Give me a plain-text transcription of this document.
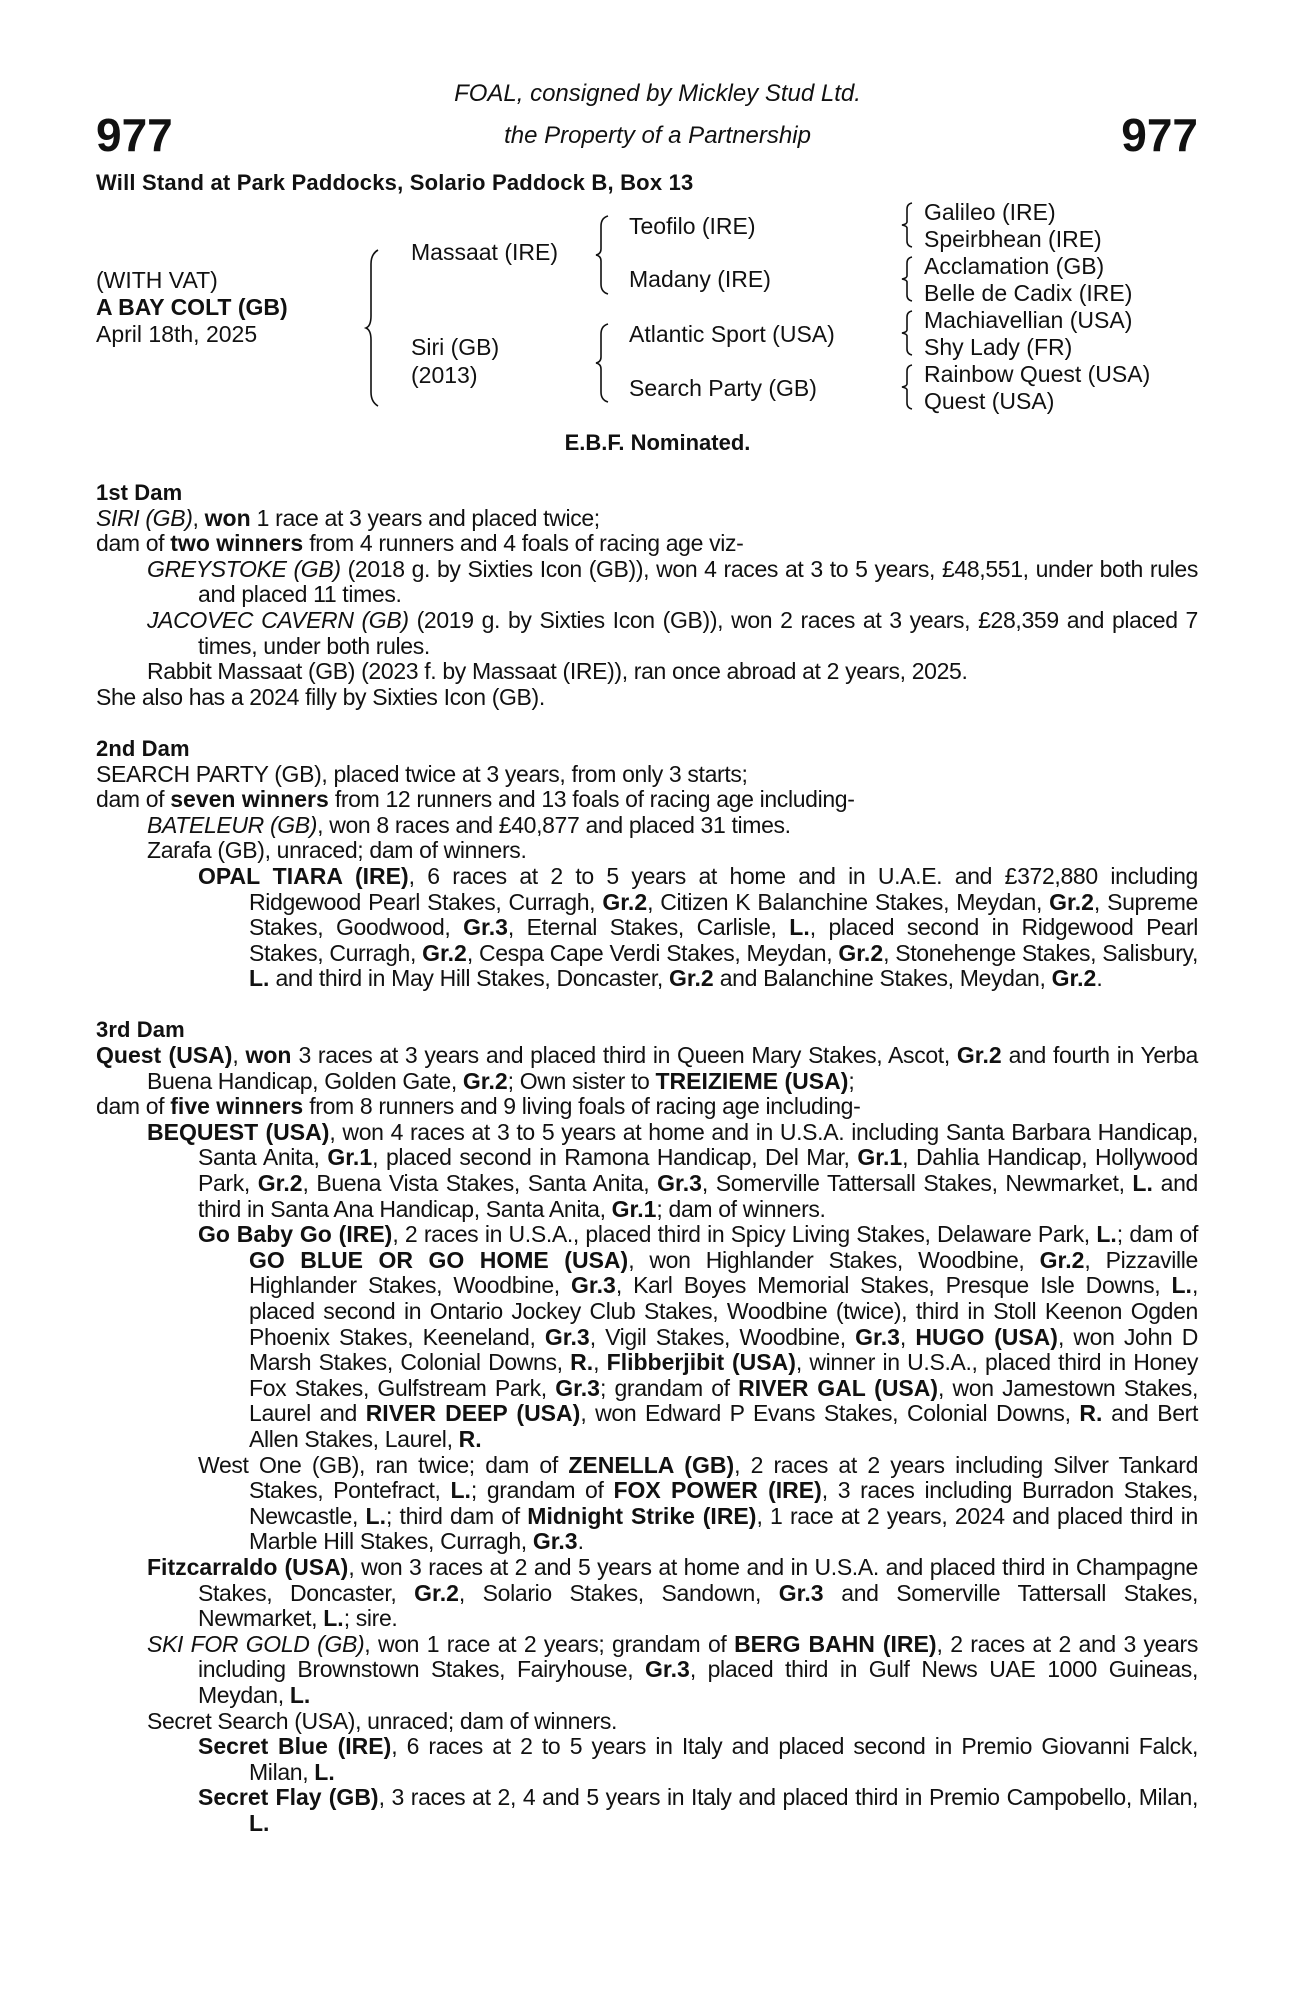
FOAL, consigned by Mickley Stud Ltd.
the Property of a Partnership
977	977
Will Stand at Park Paddocks, Solario Paddock B, Box 13
(WITH VAT)
A BAY COLT (GB)
April 18th, 2025
Massaat (IRE)
Siri (GB)
(2013)
Teofilo (IRE)
Madany (IRE)
Atlantic Sport (USA)
Search Party (GB)
Galileo (IRE)
Speirbhean (IRE)
Acclamation (GB)
Belle de Cadix (IRE)
Machiavellian (USA)
Shy Lady (FR)
Rainbow Quest (USA)
Quest (USA)
E.B.F. Nominated.
1st Dam
SIRI (GB), won 1 race at 3 years and placed twice;
dam of two winners from 4 runners and 4 foals of racing age viz-
GREYSTOKE (GB) (2018 g. by Sixties Icon (GB)), won 4 races at 3 to 5 years, £48,551, under both rules and placed 11 times.
JACOVEC CAVERN (GB) (2019 g. by Sixties Icon (GB)), won 2 races at 3 years, £28,359 and placed 7 times, under both rules.
Rabbit Massaat (GB) (2023 f. by Massaat (IRE)), ran once abroad at 2 years, 2025.
She also has a 2024 filly by Sixties Icon (GB).
2nd Dam
SEARCH PARTY (GB), placed twice at 3 years, from only 3 starts;
dam of seven winners from 12 runners and 13 foals of racing age including-
BATELEUR (GB), won 8 races and £40,877 and placed 31 times.
Zarafa (GB), unraced; dam of winners.
OPAL TIARA (IRE), 6 races at 2 to 5 years at home and in U.A.E. and £372,880 including Ridgewood Pearl Stakes, Curragh, Gr.2, Citizen K Balanchine Stakes, Meydan, Gr.2, Supreme Stakes, Goodwood, Gr.3, Eternal Stakes, Carlisle, L., placed second in Ridgewood Pearl Stakes, Curragh, Gr.2, Cespa Cape Verdi Stakes, Meydan, Gr.2, Stonehenge Stakes, Salisbury, L. and third in May Hill Stakes, Doncaster, Gr.2 and Balanchine Stakes, Meydan, Gr.2.
3rd Dam
Quest (USA), won 3 races at 3 years and placed third in Queen Mary Stakes, Ascot, Gr.2 and fourth in Yerba Buena Handicap, Golden Gate, Gr.2; Own sister to TREIZIEME (USA);
dam of five winners from 8 runners and 9 living foals of racing age including-
BEQUEST (USA), won 4 races at 3 to 5 years at home and in U.S.A. including Santa Barbara Handicap, Santa Anita, Gr.1, placed second in Ramona Handicap, Del Mar, Gr.1, Dahlia Handicap, Hollywood Park, Gr.2, Buena Vista Stakes, Santa Anita, Gr.3, Somerville Tattersall Stakes, Newmarket, L. and third in Santa Ana Handicap, Santa Anita, Gr.1; dam of winners.
Go Baby Go (IRE), 2 races in U.S.A., placed third in Spicy Living Stakes, Delaware Park, L.; dam of GO BLUE OR GO HOME (USA), won Highlander Stakes, Woodbine, Gr.2, Pizzaville Highlander Stakes, Woodbine, Gr.3, Karl Boyes Memorial Stakes, Presque Isle Downs, L., placed second in Ontario Jockey Club Stakes, Woodbine (twice), third in Stoll Keenon Ogden Phoenix Stakes, Keeneland, Gr.3, Vigil Stakes, Woodbine, Gr.3, HUGO (USA), won John D Marsh Stakes, Colonial Downs, R., Flibberjibit (USA), winner in U.S.A., placed third in Honey Fox Stakes, Gulfstream Park, Gr.3; grandam of RIVER GAL (USA), won Jamestown Stakes, Laurel and RIVER DEEP (USA), won Edward P Evans Stakes, Colonial Downs, R. and Bert Allen Stakes, Laurel, R.
West One (GB), ran twice; dam of ZENELLA (GB), 2 races at 2 years including Silver Tankard Stakes, Pontefract, L.; grandam of FOX POWER (IRE), 3 races including Burradon Stakes, Newcastle, L.; third dam of Midnight Strike (IRE), 1 race at 2 years, 2024 and placed third in Marble Hill Stakes, Curragh, Gr.3.
Fitzcarraldo (USA), won 3 races at 2 and 5 years at home and in U.S.A. and placed third in Champagne Stakes, Doncaster, Gr.2, Solario Stakes, Sandown, Gr.3 and Somerville Tattersall Stakes, Newmarket, L.; sire.
SKI FOR GOLD (GB), won 1 race at 2 years; grandam of BERG BAHN (IRE), 2 races at 2 and 3 years including Brownstown Stakes, Fairyhouse, Gr.3, placed third in Gulf News UAE 1000 Guineas, Meydan, L.
Secret Search (USA), unraced; dam of winners.
Secret Blue (IRE), 6 races at 2 to 5 years in Italy and placed second in Premio Giovanni Falck, Milan, L.
Secret Flay (GB), 3 races at 2, 4 and 5 years in Italy and placed third in Premio Campobello, Milan, L.
